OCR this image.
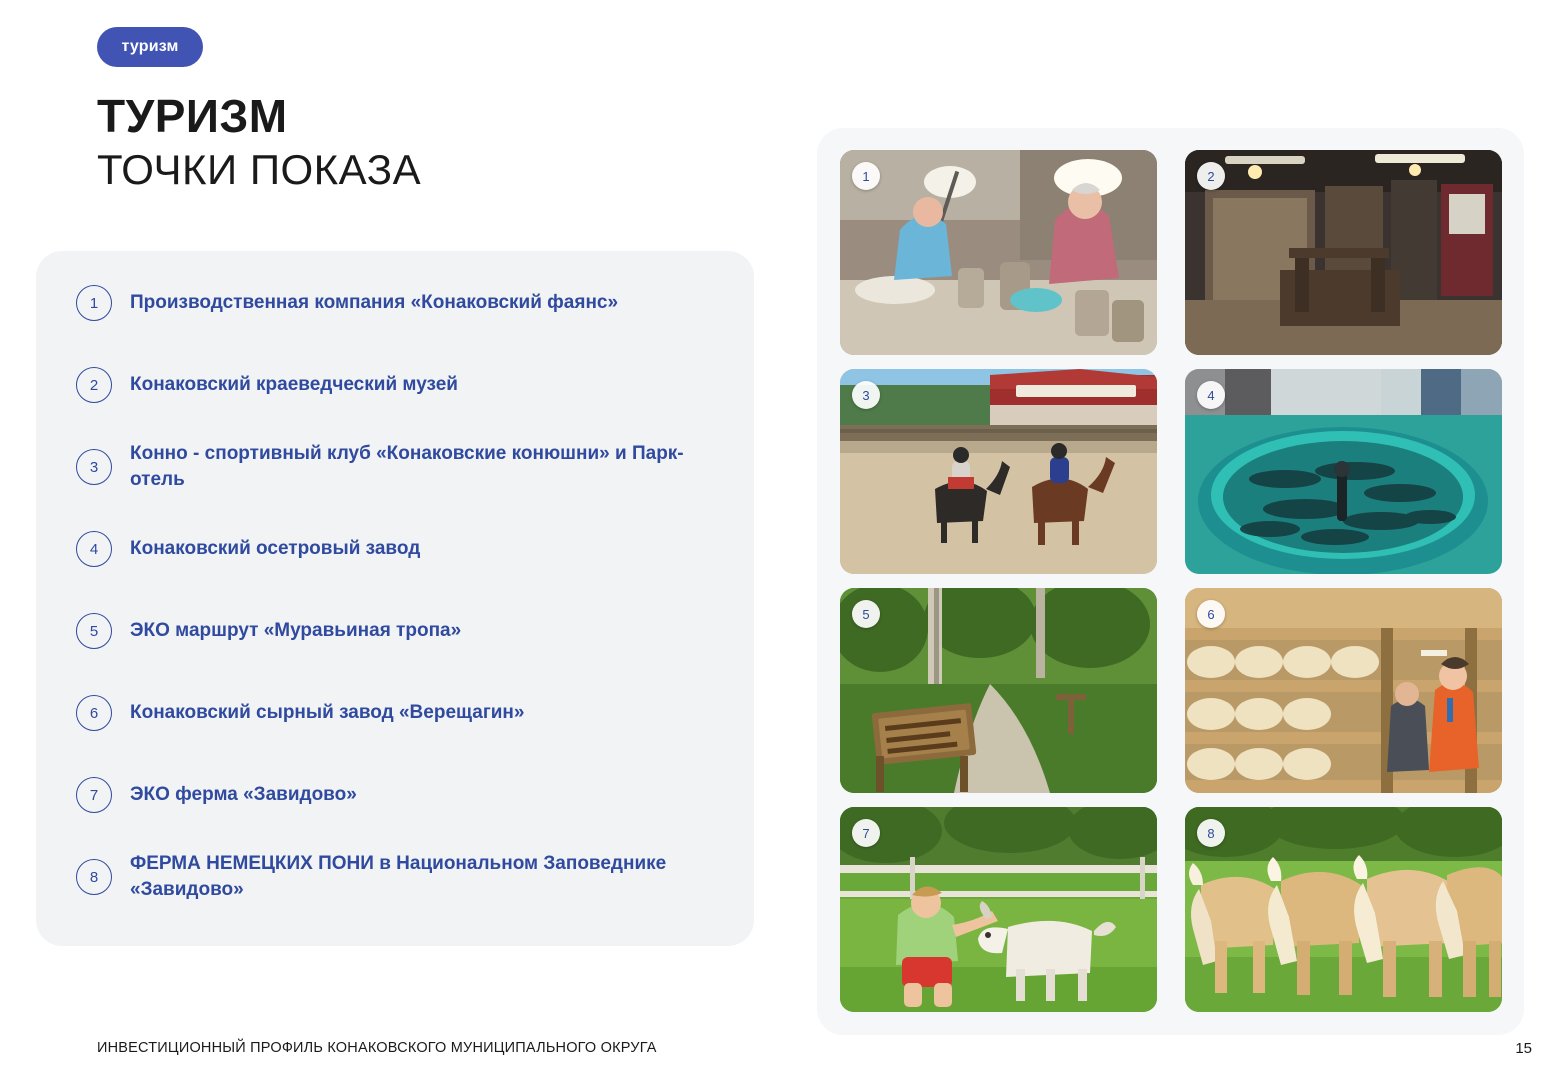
туризм
ТУРИЗМ
ТОЧКИ ПОКАЗА
1	Производственная компания «Конаковский фаянс»
2	Конаковский краеведческий музей
3
Конно - спортивный клуб «Конаковские конюшни» и Парк-отель
4	Конаковский осетровый завод
5	ЭКО маршрут «Муравьиная тропа»
6	Конаковский сырный завод «Верещагин»
7	ЭКО ферма «Завидово»
8
ФЕРМА НЕМЕЦКИХ ПОНИ в Национальном Заповеднике «Завидово»
1	2
3	4
5	6
7	8
ИНВЕСТИЦИОННЫЙ ПРОФИЛЬ КОНАКОВСКОГО МУНИЦИПАЛЬНОГО ОКРУГА	15
